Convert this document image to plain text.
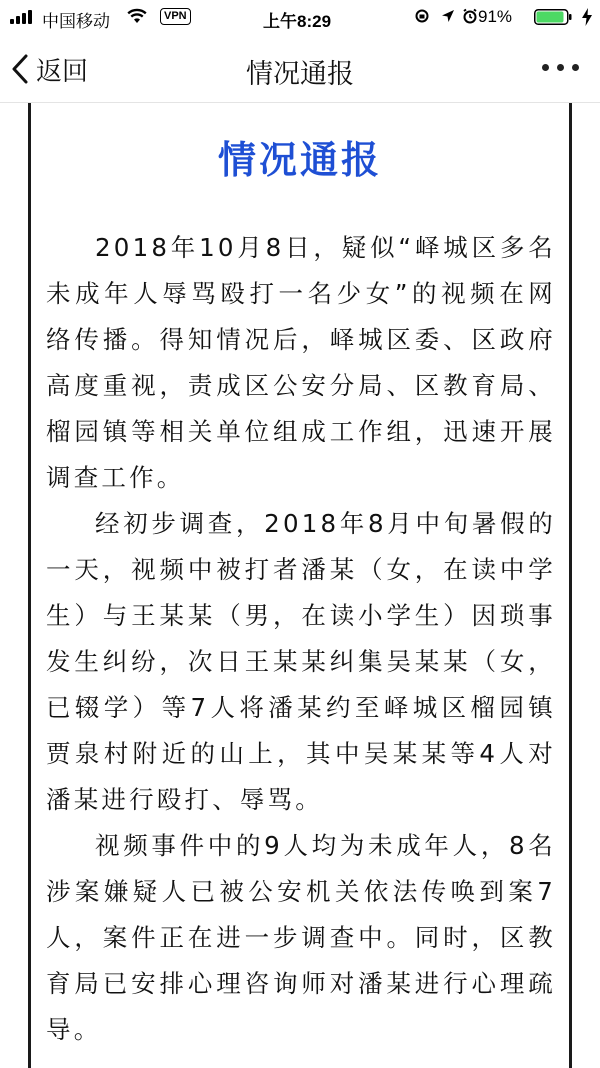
中国移动	VPN	上午8:29	91%
返回	情况通报
情况通报

2018年10月8日，疑似“峄城区多名未成年人辱骂殴打一名少女”的视频在网络传播。得知情况后，峄城区委、区政府高度重视，责成区公安分局、区教育局、榴园镇等相关单位组成工作组，迅速开展调查工作。

经初步调查，2018年8月中旬暑假的一天，视频中被打者潘某（女，在读中学生）与王某某（男，在读小学生）因琐事发生纠纷，次日王某某纠集吴某某（女，已辍学）等7人将潘某约至峄城区榴园镇贾泉村附近的山上，其中吴某某等4人对潘某进行殴打、辱骂。

视频事件中的9人均为未成年人，8名涉案嫌疑人已被公安机关依法传唤到案7人，案件正在进一步调查中。同时，区教育局已安排心理咨询师对潘某进行心理疏导。
